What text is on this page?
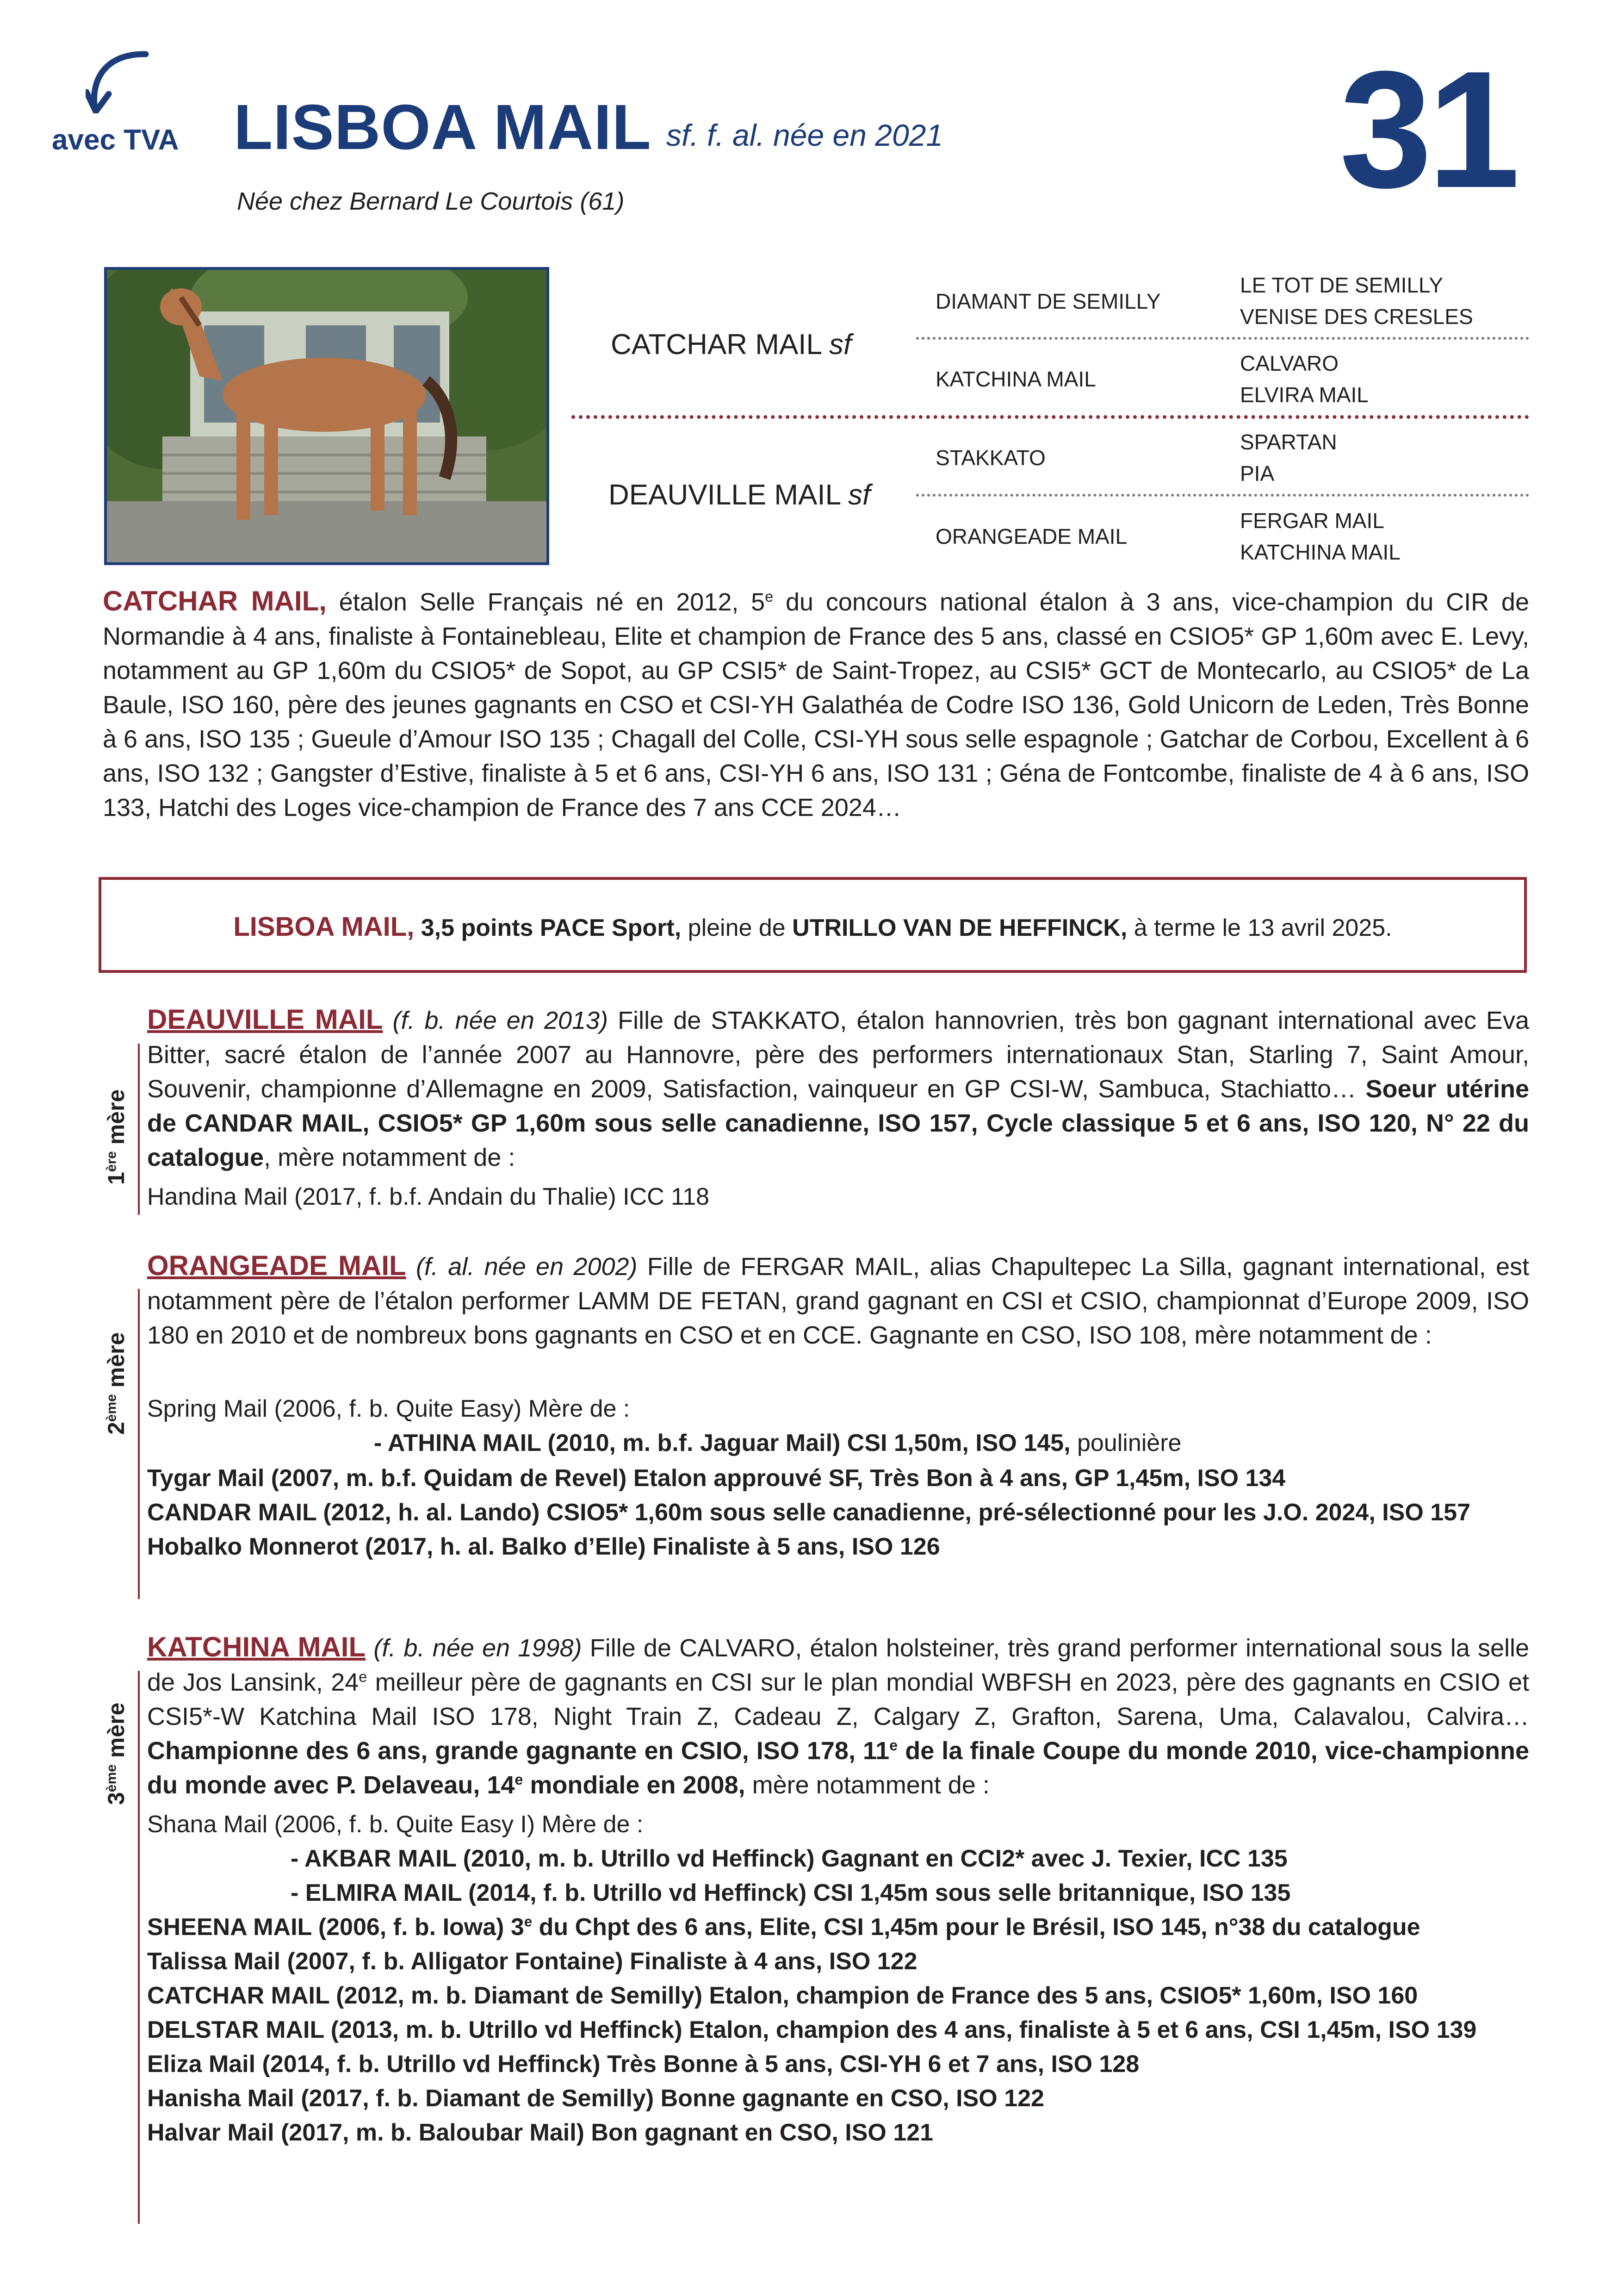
avec TVA LISBOA MAIL sf. f. al. née en 2021
Née chez Bernard Le Courtois (61)	31
CATCHAR MAIL sf
DEAUVILLE MAIL sf
DIAMANT DE SEMILLY
KATCHINA MAIL
STAKKATO
ORANGEADE MAIL
LE TOT DE SEMILLY
VENISE DES CRESLES
CALVARO
ELVIRA MAIL
SPARTAN
PIA
FERGAR MAIL
KATCHINA MAIL
CATCHAR MAIL, étalon Selle Français né en 2012, 5e du concours national étalon à 3 ans, vice-champion du CIR de Normandie à 4 ans, finaliste à Fontainebleau, Elite et champion de France des 5 ans, classé en CSIO5* GP 1,60m avec E. Levy, notamment au GP 1,60m du CSIO5* de Sopot, au GP CSI5* de Saint-Tropez, au CSI5* GCT de Montecarlo, au CSIO5* de La Baule, ISO 160, père des jeunes gagnants en CSO et CSI-YH Galathéa de Codre ISO 136, Gold Unicorn de Leden, Très Bonne à 6 ans, ISO 135 ; Gueule d’Amour ISO 135 ; Chagall del Colle, CSI-YH sous selle espagnole ; Gatchar de Corbou, Excellent à 6 ans, ISO 132 ; Gangster d’Estive, finaliste à 5 et 6 ans, CSI-YH 6 ans, ISO 131 ; Géna de Fontcombe, finaliste de 4 à 6 ans, ISO 133, Hatchi des Loges vice-champion de France des 7 ans CCE 2024…
LISBOA MAIL, 3,5 points PACE Sport, pleine de UTRILLO VAN DE HEFFINCK, à terme le 13 avril 2025.
1ère mère
DEAUVILLE MAIL (f. b. née en 2013) Fille de STAKKATO, étalon hannovrien, très bon gagnant international avec Eva Bitter, sacré étalon de l’année 2007 au Hannovre, père des performers internationaux Stan, Starling 7, Saint Amour, Souvenir, championne d’Allemagne en 2009, Satisfaction, vainqueur en GP CSI-W, Sambuca, Stachiatto… Soeur utérine de CANDAR MAIL, CSIO5* GP 1,60m sous selle canadienne, ISO 157, Cycle classique 5 et 6 ans, ISO 120, N° 22 du catalogue, mère notamment de :
Handina Mail (2017, f. b.f. Andain du Thalie) ICC 118
2ème mère
ORANGEADE MAIL (f. al. née en 2002) Fille de FERGAR MAIL, alias Chapultepec La Silla, gagnant international, est notamment père de l’étalon performer LAMM DE FETAN, grand gagnant en CSI et CSIO, championnat d’Europe 2009, ISO 180 en 2010 et de nombreux bons gagnants en CSO et en CCE. Gagnante en CSO, ISO 108, mère notamment de :
Spring Mail (2006, f. b. Quite Easy) Mère de :
- ATHINA MAIL (2010, m. b.f. Jaguar Mail) CSI 1,50m, ISO 145, poulinière
Tygar Mail (2007, m. b.f. Quidam de Revel) Etalon approuvé SF, Très Bon à 4 ans, GP 1,45m, ISO 134
CANDAR MAIL (2012, h. al. Lando) CSIO5* 1,60m sous selle canadienne, pré-sélectionné pour les J.O. 2024, ISO 157
Hobalko Monnerot (2017, h. al. Balko d’Elle) Finaliste à 5 ans, ISO 126
3ème mère
KATCHINA MAIL (f. b. née en 1998) Fille de CALVARO, étalon holsteiner, très grand performer international sous la selle de Jos Lansink, 24e meilleur père de gagnants en CSI sur le plan mondial WBFSH en 2023, père des gagnants en CSIO et CSI5*-W Katchina Mail ISO 178, Night Train Z, Cadeau Z, Calgary Z, Grafton, Sarena, Uma, Calavalou, Calvira… Championne des 6 ans, grande gagnante en CSIO, ISO 178, 11e de la finale Coupe du monde 2010, vice-championne du monde avec P. Delaveau, 14e mondiale en 2008, mère notamment de :
Shana Mail (2006, f. b. Quite Easy I) Mère de :
- AKBAR MAIL (2010, m. b. Utrillo vd Heffinck) Gagnant en CCI2* avec J. Texier, ICC 135
- ELMIRA MAIL (2014, f. b. Utrillo vd Heffinck) CSI 1,45m sous selle britannique, ISO 135
SHEENA MAIL (2006, f. b. Iowa) 3e du Chpt des 6 ans, Elite, CSI 1,45m pour le Brésil, ISO 145, n°38 du catalogue
Talissa Mail (2007, f. b. Alligator Fontaine) Finaliste à 4 ans, ISO 122
CATCHAR MAIL (2012, m. b. Diamant de Semilly) Etalon, champion de France des 5 ans, CSIO5* 1,60m, ISO 160
DELSTAR MAIL (2013, m. b. Utrillo vd Heffinck) Etalon, champion des 4 ans, finaliste à 5 et 6 ans, CSI 1,45m, ISO 139
Eliza Mail (2014, f. b. Utrillo vd Heffinck) Très Bonne à 5 ans, CSI-YH 6 et 7 ans, ISO 128
Hanisha Mail (2017, f. b. Diamant de Semilly) Bonne gagnante en CSO, ISO 122
Halvar Mail (2017, m. b. Baloubar Mail) Bon gagnant en CSO, ISO 121
